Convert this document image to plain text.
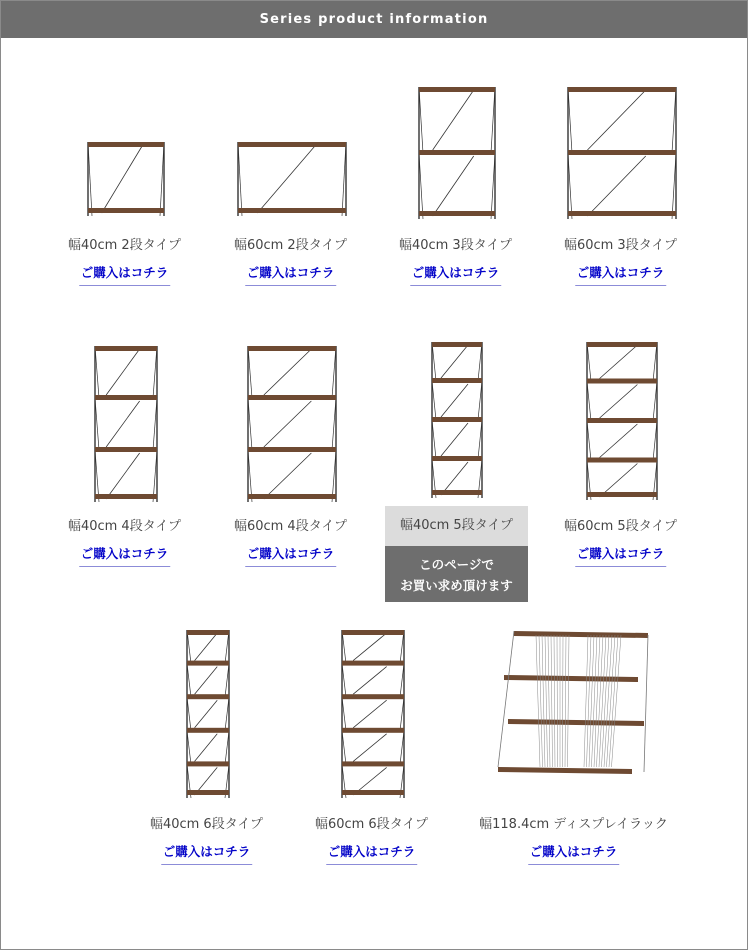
Series product information
幅40cm 2段タイプ
ご購入はコチラ
幅60cm 2段タイプ
ご購入はコチラ
幅40cm 3段タイプ
ご購入はコチラ
幅60cm 3段タイプ
ご購入はコチラ
幅40cm 4段タイプ
ご購入はコチラ
幅60cm 4段タイプ
ご購入はコチラ
幅40cm 5段タイプ
このページで
お買い求め頂けます
幅60cm 5段タイプ
ご購入はコチラ
幅40cm 6段タイプ
ご購入はコチラ
幅60cm 6段タイプ
ご購入はコチラ
幅118.4cm ディスプレイラック
ご購入はコチラ
